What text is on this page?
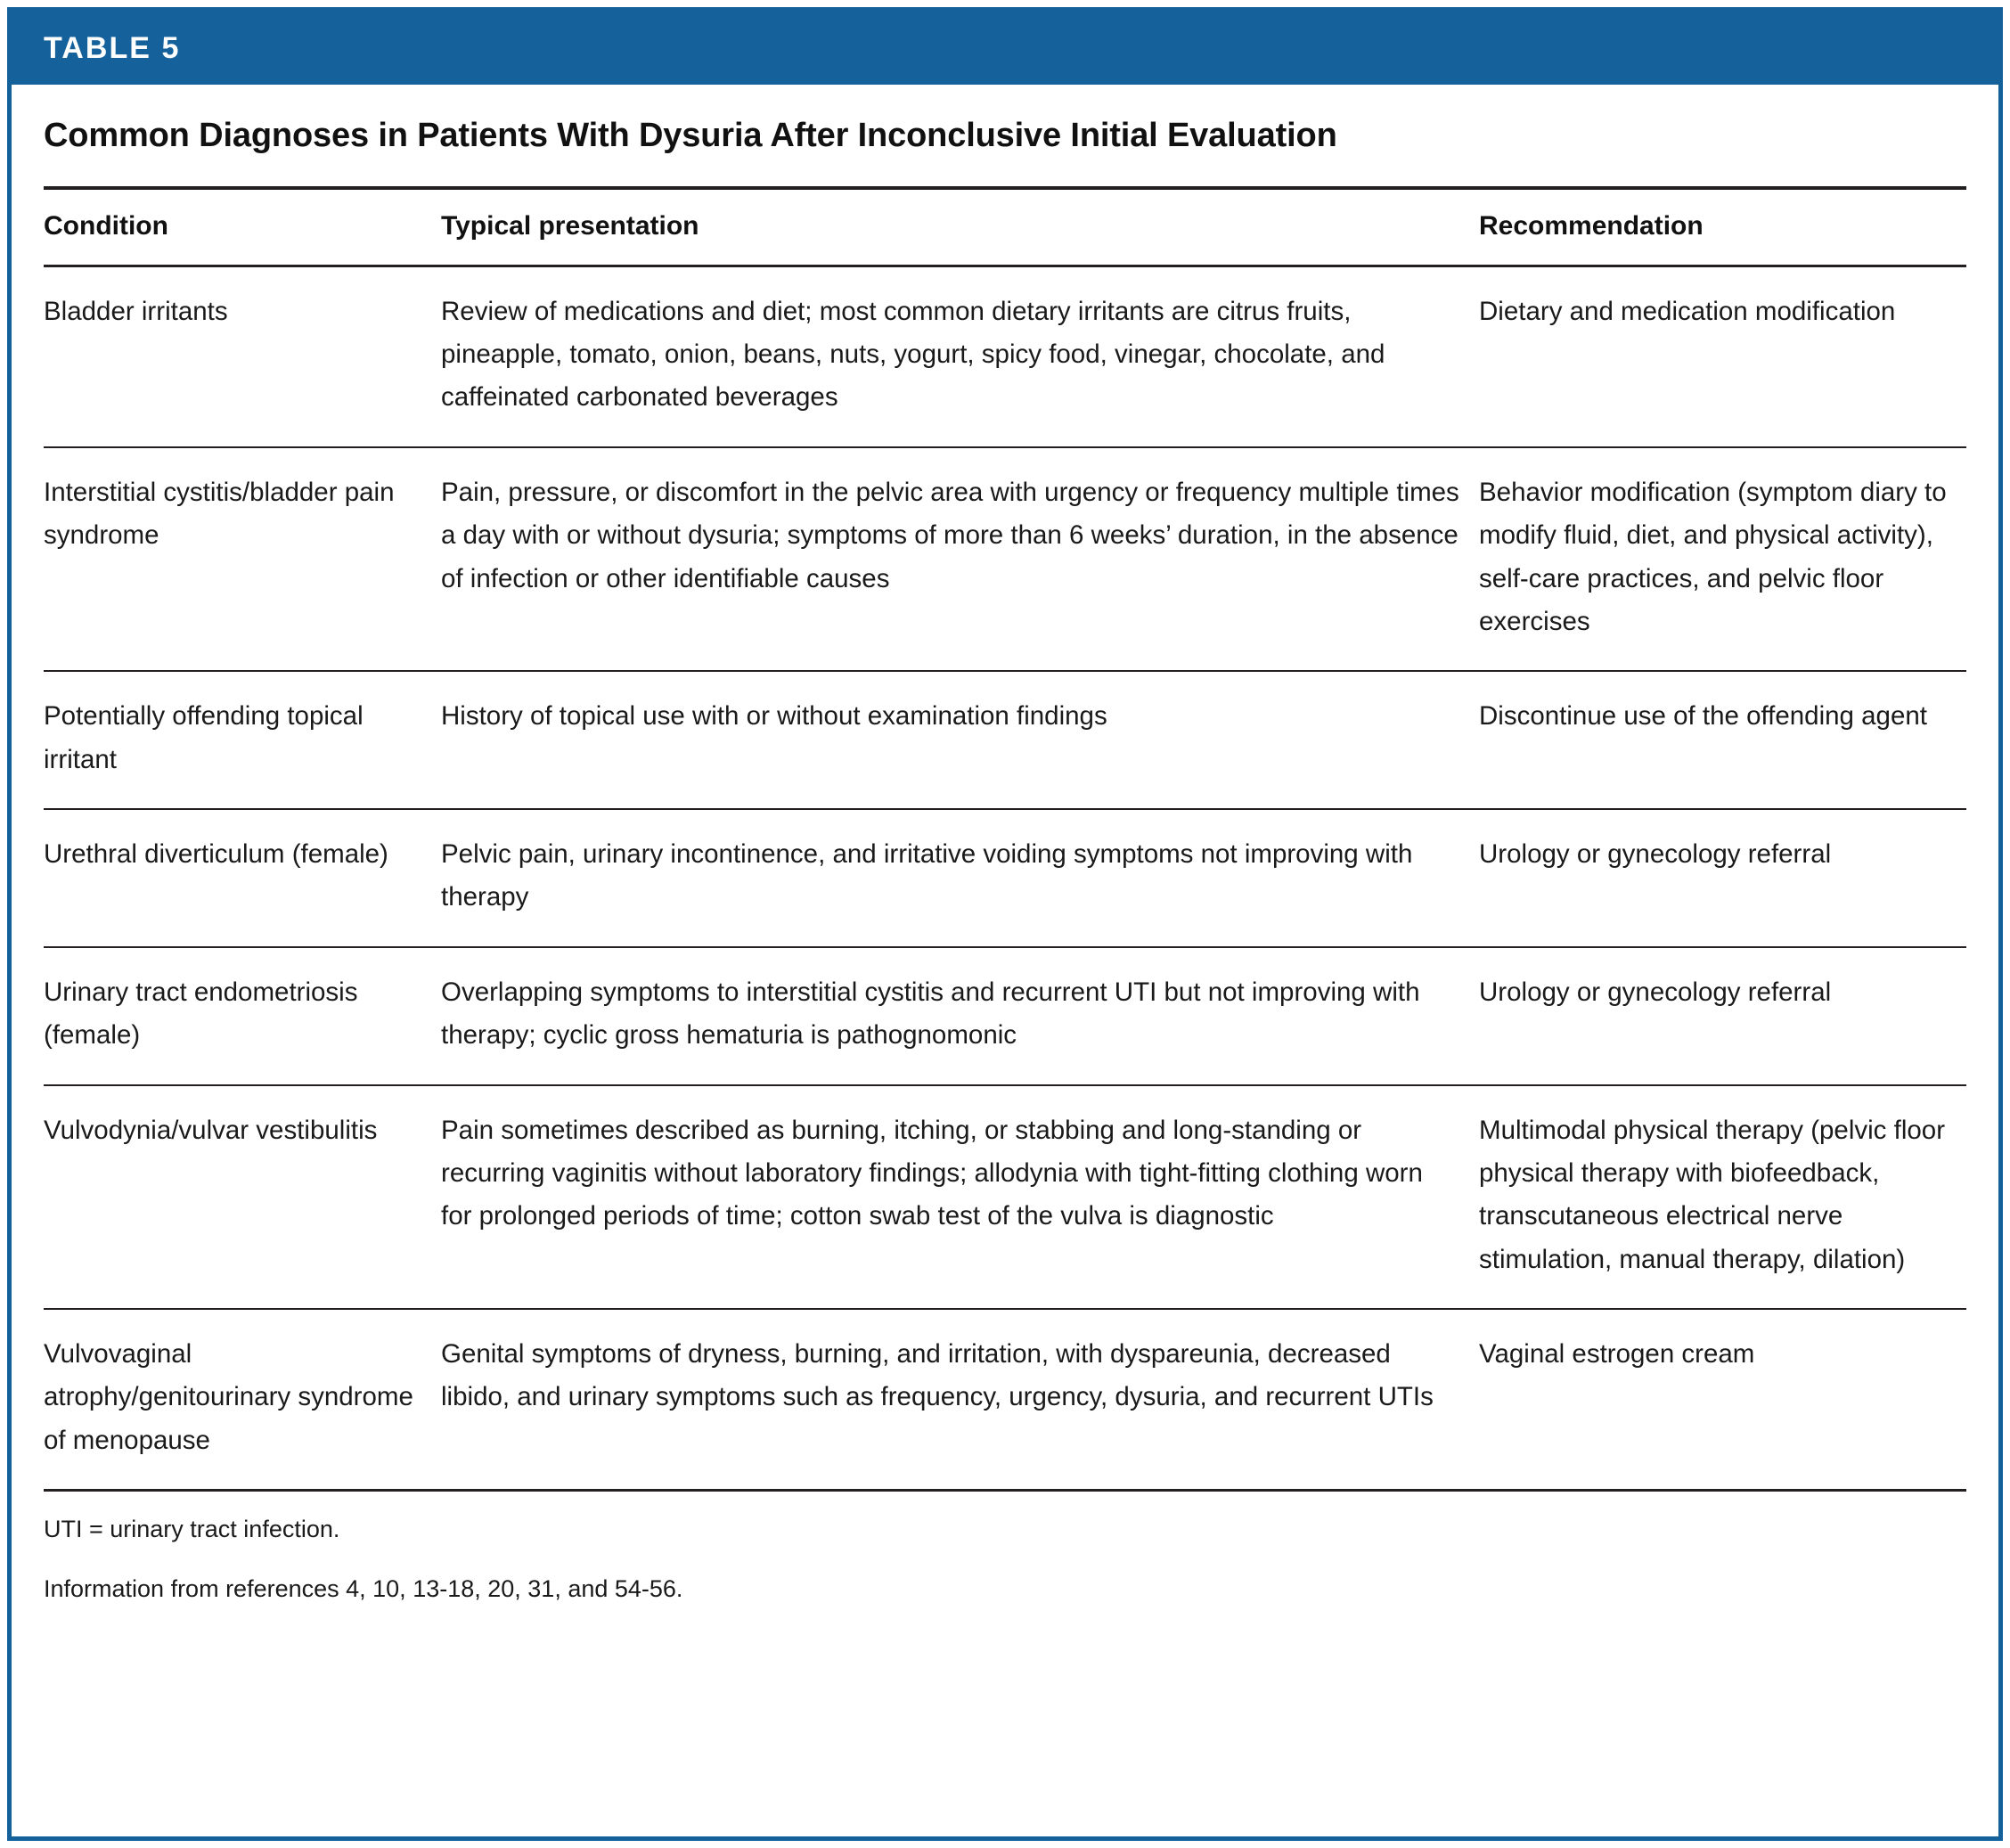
TABLE 5
Common Diagnoses in Patients With Dysuria After Inconclusive Initial Evaluation
Condition	Typical presentation	Recommendation
Bladder irritants	Review of medications and diet; most common dietary irritants are citrus fruits, pineapple, tomato, onion, beans, nuts, yogurt, spicy food, vinegar, chocolate, and caffeinated carbonated beverages	Dietary and medication modification
Interstitial cystitis/bladder pain syndrome	Pain, pressure, or discomfort in the pelvic area with urgency or frequency multiple times a day with or without dysuria; symptoms of more than 6 weeks’ duration, in the absence of infection or other identifiable causes	Behavior modification (symptom diary to modify fluid, diet, and physical activity), self-care practices, and pelvic floor exercises
Potentially offending topical irritant	History of topical use with or without examination findings	Discontinue use of the offending agent
Urethral diverticulum (female)	Pelvic pain, urinary incontinence, and irritative voiding symptoms not improving with therapy	Urology or gynecology referral
Urinary tract endometriosis (female)	Overlapping symptoms to interstitial cystitis and recurrent UTI but not improving with therapy; cyclic gross hematuria is pathognomonic	Urology or gynecology referral
Vulvodynia/vulvar vestibulitis	Pain sometimes described as burning, itching, or stabbing and long-standing or recurring vaginitis without laboratory findings; allodynia with tight-fitting clothing worn for prolonged periods of time; cotton swab test of the vulva is diagnostic	Multimodal physical therapy (pelvic floor physical therapy with biofeedback, transcutaneous electrical nerve stimulation, manual therapy, dilation)
Vulvovaginal atrophy/genitourinary syndrome of menopause	Genital symptoms of dryness, burning, and irritation, with dyspareunia, decreased libido, and urinary symptoms such as frequency, urgency, dysuria, and recurrent UTIs	Vaginal estrogen cream
UTI = urinary tract infection.
Information from references 4, 10, 13-18, 20, 31, and 54-56.
